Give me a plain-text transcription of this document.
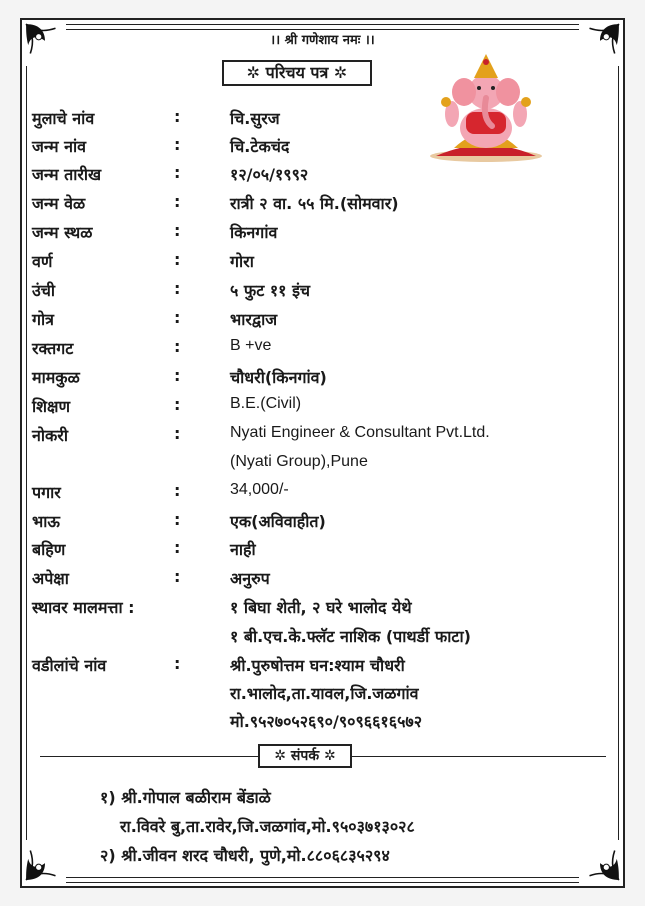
।। श्री गणेशाय नमः ।।
✲ परिचय पत्र ✲
मुलाचे नांव	:	चि.सुरज
जन्म नांव	:	चि.टेकचंद
जन्म तारीख	:	१२/०५/१९९२
जन्म वेळ	:	रात्री २ वा. ५५ मि.(सोमवार)
जन्म स्थळ	:	किनगांव
वर्ण	:	गोरा
उंची	:	५ फुट ११ इंच
गोत्र	:	भारद्वाज
रक्तगट	:	B +ve
मामकुळ	:	चौधरी(किनगांव)
शिक्षण	:	B.E.(Civil)
नोकरी	:	Nyati Engineer & Consultant Pvt.Ltd.
(Nyati Group),Pune
पगार	:	34,000/-
भाऊ	:	एक(अविवाहीत)
बहिण	:	नाही
अपेक्षा	:	अनुरुप
स्थावर मालमत्ता :	१ बिघा शेती, २ घरे भालोद येथे
१ बी.एच.के.फ्लॅट नाशिक (पाथर्डी फाटा)
वडीलांचे नांव	:	श्री.पुरुषोत्तम घन:श्याम चौधरी
रा.भालोद,ता.यावल,जि.जळगांव
मो.९५२७०५२६९०/९०९६६१६५७२
✲ संपर्क ✲
१) श्री.गोपाल बळीराम बेंडाळे
रा.विवरे बु,ता.रावेर,जि.जळगांव,मो.९५०३७१३०२८
२) श्री.जीवन शरद चौधरी, पुणे,मो.८८०६८३५२९४
